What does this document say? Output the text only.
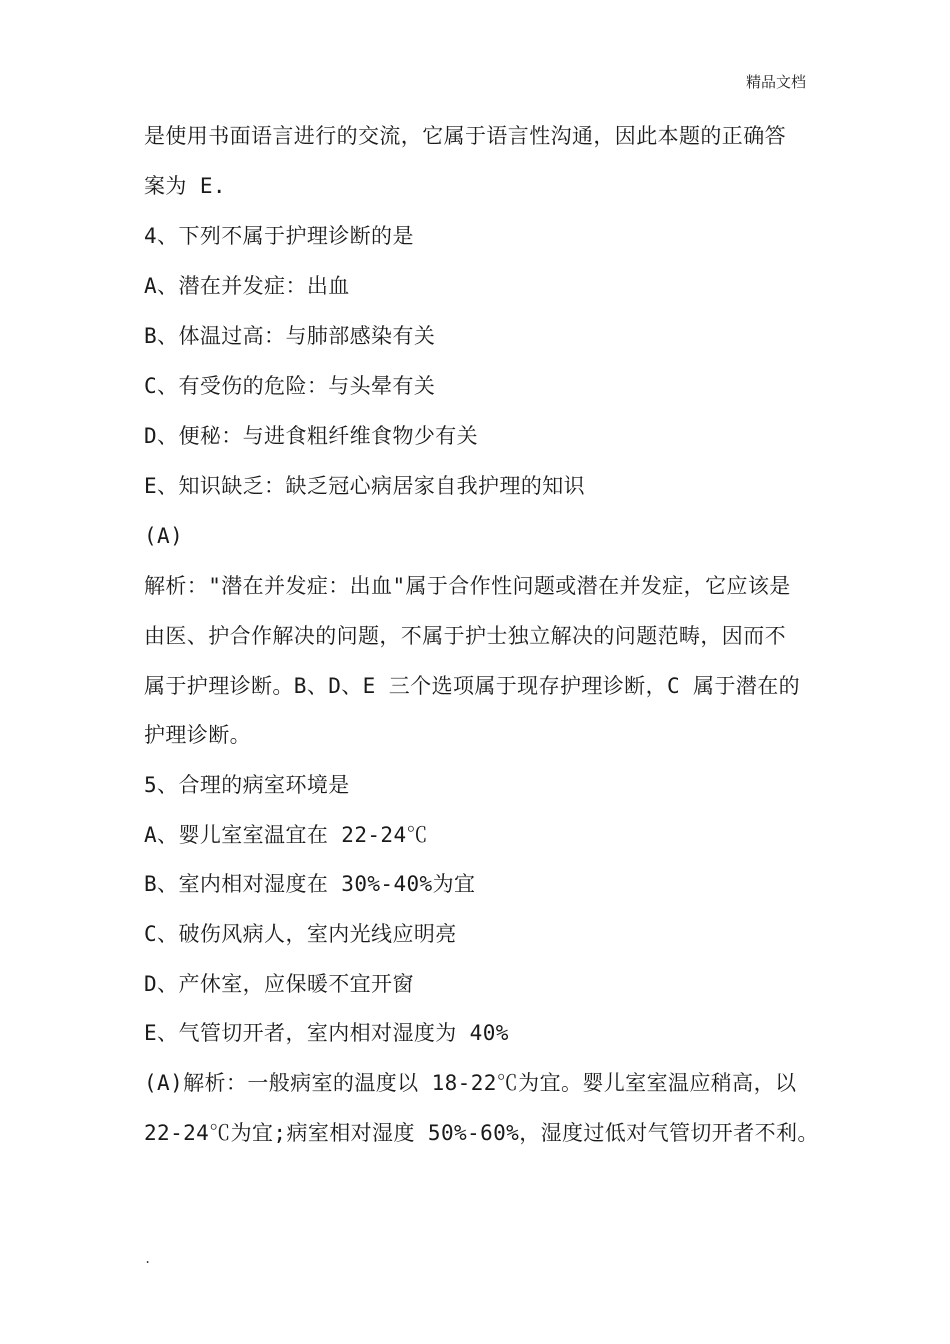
精品文档
是使用书面语言进行的交流，它属于语言性沟通，因此本题的正确答
案为 E.
4、下列不属于护理诊断的是
A、潜在并发症：出血
B、体温过高：与肺部感染有关
C、有受伤的危险：与头晕有关
D、便秘：与进食粗纤维食物少有关
E、知识缺乏：缺乏冠心病居家自我护理的知识
(A)
解析："潜在并发症：出血"属于合作性问题或潜在并发症，它应该是
由医、护合作解决的问题，不属于护士独立解决的问题范畴，因而不
属于护理诊断。B、D、E 三个选项属于现存护理诊断，C 属于潜在的
护理诊断。
5、合理的病室环境是
A、婴儿室室温宜在 22-24℃
B、室内相对湿度在 30%-40%为宜
C、破伤风病人，室内光线应明亮
D、产休室，应保暖不宜开窗
E、气管切开者，室内相对湿度为 40%
(A)解析：一般病室的温度以 18-22℃为宜。婴儿室室温应稍高，以
22-24℃为宜;病室相对湿度 50%-60%，湿度过低对气管切开者不利。
.
